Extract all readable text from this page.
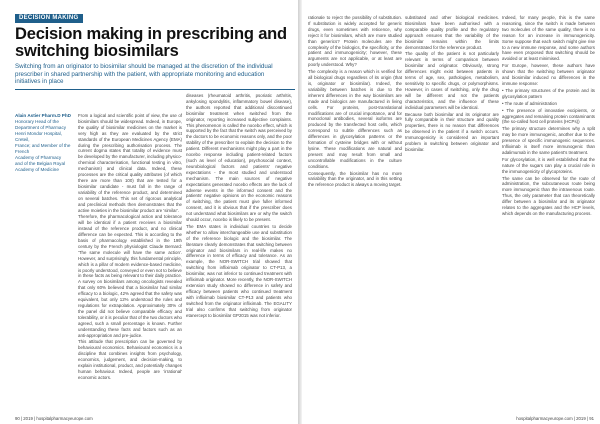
DECISION MAKING
Decision making in prescribing and switching biosimilars
Switching from an originator to biosimilar should be managed at the discretion of the individual prescriber in shared partnership with the patient, with appropriate monitoring and education initiatives in place
Alain Astier Pharm.D PhD
Honorary Head of the
Department of Pharmacy
Henri Mondor Hospital, Creteil,
France; and Member of the French
Academy of Pharmacy
and of the Belgian Royal
Academy of Medicine
From a logical and scientific point of view, the use of biosimilars should be widespread. Indeed, in Europe, the quality of biosimilar medicines on the market is very high as they are evaluated by the strict standards of the European Medicines Agency (EMA) during the prescribing authorisation process. The current dogma states that totality of evidence must be developed by the manufacturer, including physico-chemical characterisation, functional testing in vitro, mechanism) and clinical data. Indeed, these processes are the critical quality attributes (of which there are more than 100) that are tested for a biosimilar candidate - must fall in the range of variability of the reference product, and determined on several batches. This set of rigorous analytical and preclinical methods then demonstrates that the active moieties in the biosimilar product are 'similar'.
Therefore, the pharmacological action and tolerance will be identical if a patient receives a biosimilar instead of the reference product, and no clinical difference can be expected. This is according to the basis of pharmacology established in the 19th century by the French physiologist Claude Bernard: 'The same molecule will have the same action'. However, and surprisingly, this fundamental principle, which is a pillar of modern evidence-based medicine, is poorly understood, conveyed or even not to believe in these facts as being relevant to their daily practice. A survey on biosimilars among oncologists revealed that only 60% believed that a biosimilar had similar efficacy to a biologic, 42% agreed that the safety was equivalent, but only 12% understood the rules and regulations for extrapolation. Approximately 30% of the panel did not believe comparable efficacy and tolerability, or it is peculiar that of the two doctors who agreed, such a small percentage is known. Further understanding these facts and factors such as an anti-appropriation and pre-judice.
This attitude that prescription can be governed by behavioural economics. Behavioural economics is a discipline that combines insights from psychology, economics, judgement, and decision-making, to explain institutional, product, and potentially changes human behaviour. Indeed, people are 'irrational' economic actors.
diseases (rheumatoid arthritis, psoriatic arthritis, ankylosing spondylitis, inflammatory bowel disease), the authors reported that additional discontinued biosimilar treatment when switched from the originator, reporting increased subjective complaints. This phenomenon is called the nocebo effect, which is supported by the fact that the switch was perceived by the doctors to be economic reasons only, and the poor stability of the prescriber to explain the decision to the patient. Different mechanisms might play a part in the nocebo response including patient-related factors (such as level of education), psychosocial context, neurobiological factors and patients' negative expectations - the most studied and understood mechanism. The main sources of negative expectations generated nocebo effects are the lack of adverse events in the informed consent and the patients' negative opinions on the economic reasons of switching, the patient must give fuller informed consent, and it is obvious that if the prescriber does not understand what biosimilars are or why the switch should occur, nocebo is likely to be present.
The EMA states in individual countries to decide whether to allow interchangeable use and substitution of the reference biologic and the biosimilar. The literature clearly demonstrates that switching between originator and biosimilars in real-life makes no difference in terms of efficacy and tolerance. As an example, the NOR-SWITCH trial showed that switching from infliximab originator to CT-P13, a biosimilar, was not inferior to continued treatment with infliximab originator. More recently, the NOR-SWITCH extension study showed no difference in safety and efficacy between patients who continued treatment with infliximab biosimilar CT-P13 and patients who switched from the originator infliximab. The EGALITY trial also confirms that switching from originator etanercept to biosimilar GP2015 was not inferior.
90 | 2019 | hospitalpharmacyeurope.com
rationale to reject the possibility of substitution. If substitution is widely accepted for generic drugs, even sometimes with reticence, why reject it for biosimilars, which are more studied than generics? Protein molecules are the complexity of the biologics, the specificity, or the patient and immunogenicity; however, these arguments are not applicable, or at least are poorly understood. Why?
The complexity is a reason which is verified for all biological drugs regardless of its origin (that is, originator or biosimilar). Indeed, the variability between batches is due to the inherent differences in the way biosimilars are made and biologics are manufactured in living cells. For proteins, post-translational modifications are of crucial importance, and for monoclonal antibodies, several isoforms are produced by the transfected host cells, which correspond to subtle differences such as differences in glycosylation patterns or the formation of cysteine bridges with or without lysine. These modifications are natural and present and may result from small and uncontrollable modifications in the culture conditions.
Consequently, the biosimilar has no more variability than the originator, and in this setting the reference product is always a moving target.
substituted and other biological medicines. Biosimilars have been authorised with a comparable quality profile and the regulatory approach ensures that the variability of the biosimilar remains within the limits demonstrated for the reference product.
The quality of the patient is not particularly relevant in terms of comparison between biosimilar and originator. Obviously, strong differences might exist between patients in terms of age, sex, pathologies, metabolism, sensitivity to specific drugs, or polymorphisms. However, in cases of switching, only the drug will be different and not the patients characteristics, and the influence of these individual parameters will be identical.
Because both biosimilar and its originator are fully comparable in their structure and quality properties, there is no reason that differences be observed in the patient if a switch occurs. Immunogenicity is considered an important problem in switching between originator and biosimilar.
Indeed, for many people, this is the same reasoning, since the switch is made between two molecules of the same quality, there is no reason for an increase in immunogenicity. Some suppose that each switch might give rise to a new immune response, and some authors have even proposed that switching should be avoided or at least minimised.
For Europe, however, these authors have shown that the switching between originator and biosimilar induced no differences in the immune response:
• The primary structures of the protein and its glycosylation pattern
• The route of administration
• The presence of innovative excipients, or aggregates and remaining protein contaminants (the so-called host cell proteins (HCPs))
The primary structure determines why a split may be more immunogenic, another due to the presence of specific immunogenic sequences. Infliximab is itself more immunogenic than adalimumab in the same patient's treatment.
For glycosylation, it is well established that the nature of the sugars can play a crucial role in the immunogenicity of glycoproteins.
The same can be observed for the route of administration, the subcutaneous route being more immunogenic than the intravenous route. Thus, the only parameter that can theoretically differ between a biosimilar and its originator relates to the aggregates and the HCP levels, which depends on the manufacturing process.
hospitalpharmacyeurope.com | 2019 | 91
